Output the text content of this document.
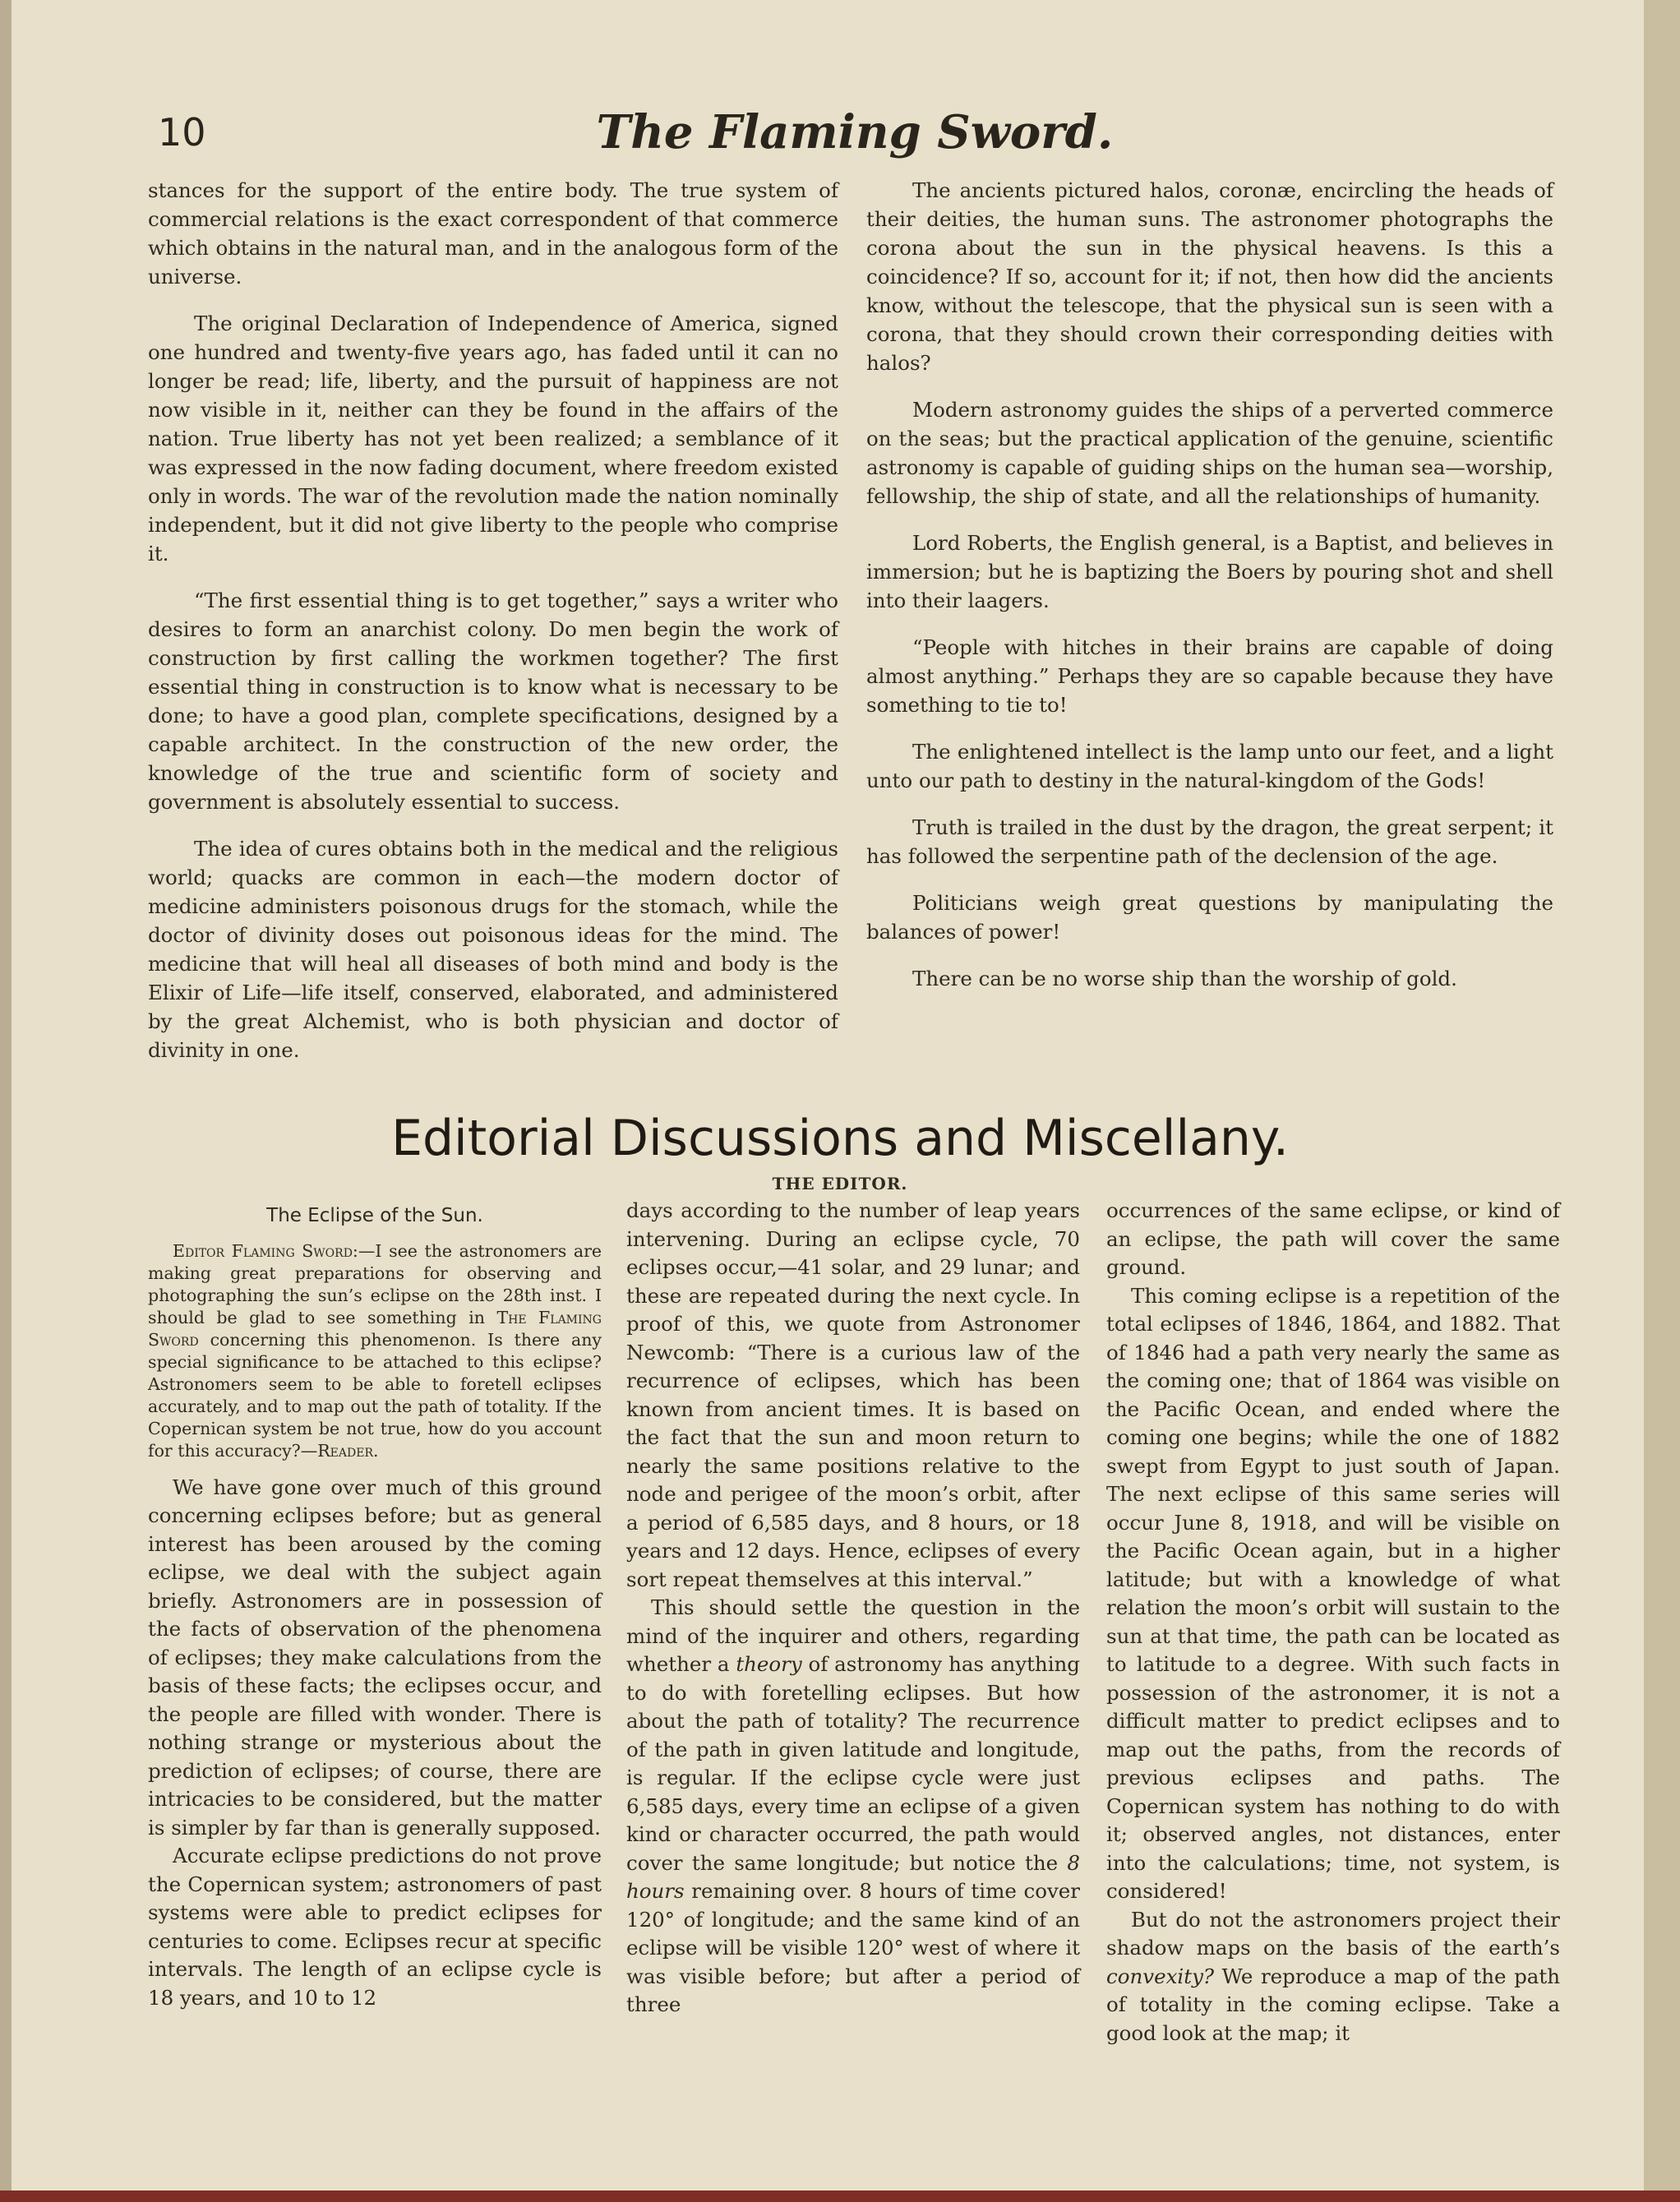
10	The Flaming Sword.

stances for the support of the entire body. The true system of commercial relations is the exact correspondent of that commerce which obtains in the natural man, and in the analogous form of the universe.

The original Declaration of Independence of America, signed one hundred and twenty-five years ago, has faded until it can no longer be read; life, liberty, and the pursuit of happiness are not now visible in it, neither can they be found in the affairs of the nation. True liberty has not yet been realized; a semblance of it was expressed in the now fading document, where freedom existed only in words. The war of the revolution made the nation nominally independent, but it did not give liberty to the people who comprise it.

“The first essential thing is to get together,” says a writer who desires to form an anarchist colony. Do men begin the work of construction by first calling the workmen together? The first essential thing in construction is to know what is necessary to be done; to have a good plan, complete specifications, designed by a capable architect. In the construction of the new order, the knowledge of the true and scientific form of society and government is absolutely essential to success.

The idea of cures obtains both in the medical and the religious world; quacks are common in each—the modern doctor of medicine administers poisonous drugs for the stomach, while the doctor of divinity doses out poisonous ideas for the mind. The medicine that will heal all diseases of both mind and body is the Elixir of Life—life itself, conserved, elaborated, and administered by the great Alchemist, who is both physician and doctor of divinity in one.

The ancients pictured halos, coronæ, encircling the heads of their deities, the human suns. The astronomer photographs the corona about the sun in the physical heavens. Is this a coincidence? If so, account for it; if not, then how did the ancients know, without the telescope, that the physical sun is seen with a corona, that they should crown their corresponding deities with halos?

Modern astronomy guides the ships of a perverted commerce on the seas; but the practical application of the genuine, scientific astronomy is capable of guiding ships on the human sea—worship, fellowship, the ship of state, and all the relationships of humanity.

Lord Roberts, the English general, is a Baptist, and believes in immersion; but he is baptizing the Boers by pouring shot and shell into their laagers.

“People with hitches in their brains are capable of doing almost anything.” Perhaps they are so capable because they have something to tie to!

The enlightened intellect is the lamp unto our feet, and a light unto our path to destiny in the natural-kingdom of the Gods!

Truth is trailed in the dust by the dragon, the great serpent; it has followed the serpentine path of the declension of the age.

Politicians weigh great questions by manipulating the balances of power!

There can be no worse ship than the worship of gold.

Editorial Discussions and Miscellany.
THE EDITOR.

The Eclipse of the Sun.

Editor Flaming Sword:—I see the astronomers are making great preparations for observing and photographing the sun’s eclipse on the 28th inst. I should be glad to see something in The Flaming Sword concerning this phenomenon. Is there any special significance to be attached to this eclipse? Astronomers seem to be able to foretell eclipses accurately, and to map out the path of totality. If the Copernican system be not true, how do you account for this accuracy?—Reader.

We have gone over much of this ground concerning eclipses before; but as general interest has been aroused by the coming eclipse, we deal with the subject again briefly. Astronomers are in possession of the facts of observation of the phenomena of eclipses; they make calculations from the basis of these facts; the eclipses occur, and the people are filled with wonder. There is nothing strange or mysterious about the prediction of eclipses; of course, there are intricacies to be considered, but the matter is simpler by far than is generally supposed.

Accurate eclipse predictions do not prove the Copernican system; astronomers of past systems were able to predict eclipses for centuries to come. Eclipses recur at specific intervals. The length of an eclipse cycle is 18 years, and 10 to 12

days according to the number of leap years intervening. During an eclipse cycle, 70 eclipses occur,—41 solar, and 29 lunar; and these are repeated during the next cycle. In proof of this, we quote from Astronomer Newcomb: “There is a curious law of the recurrence of eclipses, which has been known from ancient times. It is based on the fact that the sun and moon return to nearly the same positions relative to the node and perigee of the moon’s orbit, after a period of 6,585 days, and 8 hours, or 18 years and 12 days. Hence, eclipses of every sort repeat themselves at this interval.”

This should settle the question in the mind of the inquirer and others, regarding whether a theory of astronomy has anything to do with foretelling eclipses. But how about the path of totality? The recurrence of the path in given latitude and longitude, is regular. If the eclipse cycle were just 6,585 days, every time an eclipse of a given kind or character occurred, the path would cover the same longitude; but notice the 8 hours remaining over. 8 hours of time cover 120° of longitude; and the same kind of an eclipse will be visible 120° west of where it was visible before; but after a period of three

occurrences of the same eclipse, or kind of an eclipse, the path will cover the same ground.

This coming eclipse is a repetition of the total eclipses of 1846, 1864, and 1882. That of 1846 had a path very nearly the same as the coming one; that of 1864 was visible on the Pacific Ocean, and ended where the coming one begins; while the one of 1882 swept from Egypt to just south of Japan. The next eclipse of this same series will occur June 8, 1918, and will be visible on the Pacific Ocean again, but in a higher latitude; but with a knowledge of what relation the moon’s orbit will sustain to the sun at that time, the path can be located as to latitude to a degree. With such facts in possession of the astronomer, it is not a difficult matter to predict eclipses and to map out the paths, from the records of previous eclipses and paths. The Copernican system has nothing to do with it; observed angles, not distances, enter into the calculations; time, not system, is considered!

But do not the astronomers project their shadow maps on the basis of the earth’s convexity? We reproduce a map of the path of totality in the coming eclipse. Take a good look at the map; it
